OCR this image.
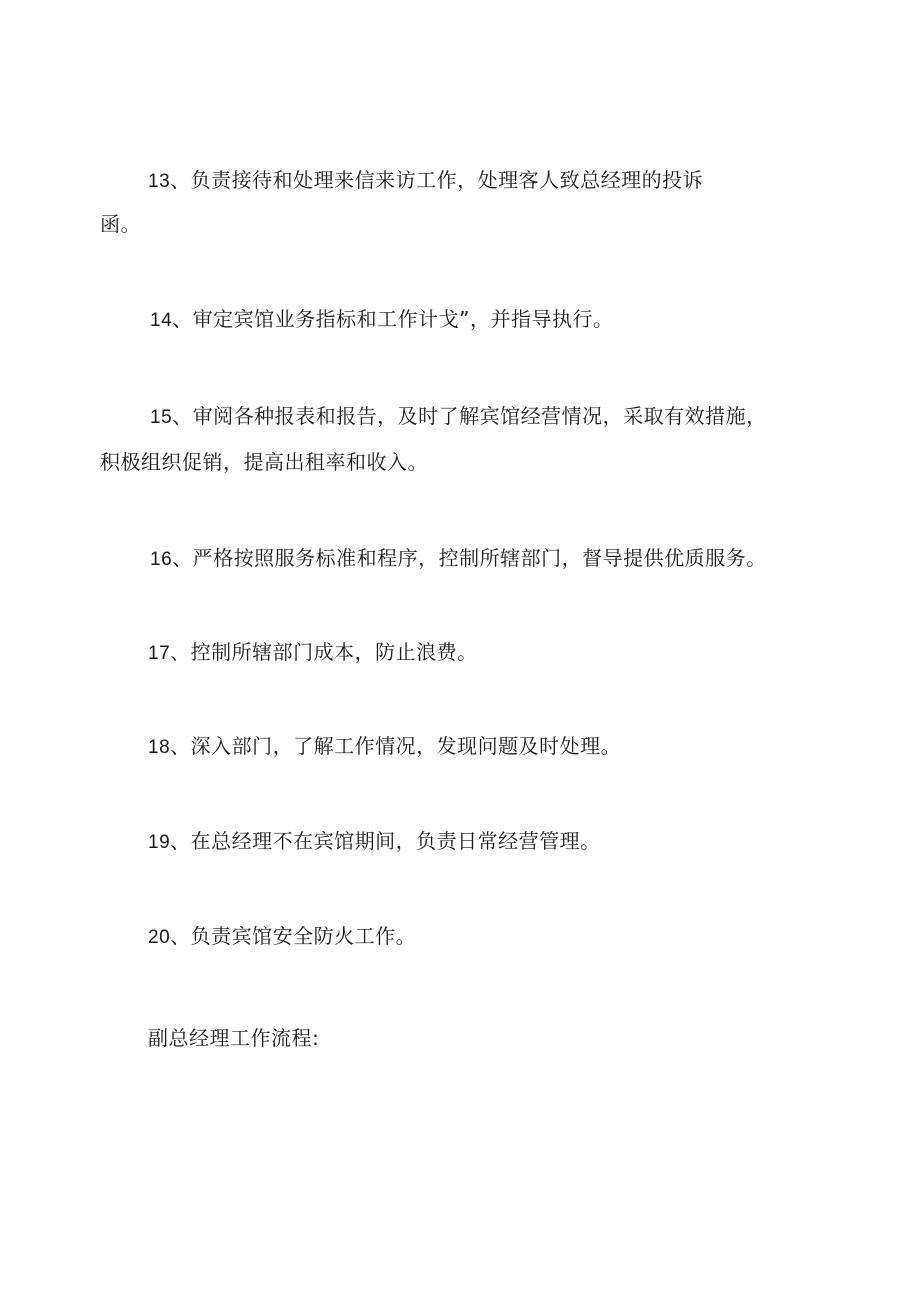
13、负责接待和处理来信来访工作，处理客人致总经理的投诉
函。
14、审定宾馆业务指标和工作计戈”，并指导执行。
15、审阅各种报表和报告，及时了解宾馆经营情况，采取有效措施，
积极组织促销，提高出租率和收入。
16、严格按照服务标准和程序，控制所辖部门，督导提供优质服务。
17、控制所辖部门成本，防止浪费。
18、深入部门，了解工作情况，发现问题及时处理。
19、在总经理不在宾馆期间，负责日常经营管理。
20、负责宾馆安全防火工作。
副总经理工作流程:
